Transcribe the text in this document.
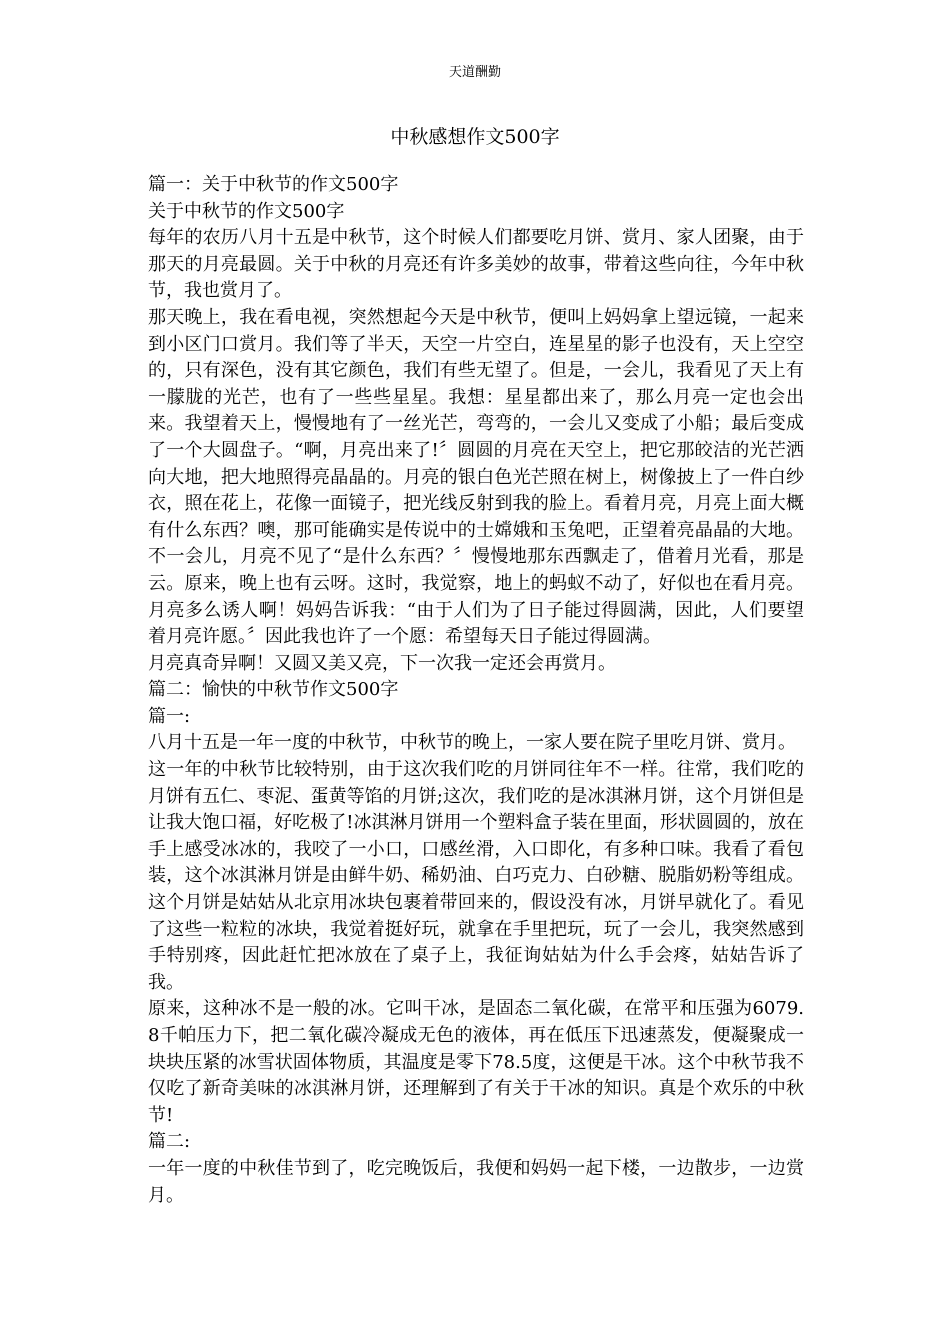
天道酬勤
中秋感想作文500字

篇一：关于中秋节的作文500字

关于中秋节的作文500字

每年的农历八月十五是中秋节，这个时候人们都要吃月饼、赏月、家人团聚，由于那天的月亮最圆。关于中秋的月亮还有许多美妙的故事，带着这些向往，今年中秋节，我也赏月了。

那天晚上，我在看电视，突然想起今天是中秋节，便叫上妈妈拿上望远镜，一起来到小区门口赏月。我们等了半天，天空一片空白，连星星的影子也没有，天上空空的，只有深色，没有其它颜色，我们有些无望了。但是，一会儿，我看见了天上有一朦胧的光芒，也有了一些些星星。我想：星星都出来了，那么月亮一定也会出来。我望着天上，慢慢地有了一丝光芒，弯弯的，一会儿又变成了小船；最后变成了一个大圆盘子。“啊，月亮出来了!〞圆圆的月亮在天空上，把它那皎洁的光芒洒向大地，把大地照得亮晶晶的。月亮的银白色光芒照在树上，树像披上了一件白纱衣，照在花上，花像一面镜子，把光线反射到我的脸上。看着月亮，月亮上面大概有什么东西？噢，那可能确实是传说中的士嫦娥和玉兔吧，正望着亮晶晶的大地。不一会儿，月亮不见了“是什么东西？〞慢慢地那东西飘走了，借着月光看，那是云。原来，晚上也有云呀。这时，我觉察，地上的蚂蚁不动了，好似也在看月亮。月亮多么诱人啊！妈妈告诉我：“由于人们为了日子能过得圆满，因此，人们要望着月亮许愿。〞因此我也许了一个愿：希望每天日子能过得圆满。

月亮真奇异啊！又圆又美又亮，下一次我一定还会再赏月。

篇二：愉快的中秋节作文500字

篇一:

八月十五是一年一度的中秋节，中秋节的晚上，一家人要在院子里吃月饼、赏月。

这一年的中秋节比较特别，由于这次我们吃的月饼同往年不一样。往常，我们吃的月饼有五仁、枣泥、蛋黄等馅的月饼;这次，我们吃的是冰淇淋月饼，这个月饼但是让我大饱口福，好吃极了!冰淇淋月饼用一个塑料盒子装在里面，形状圆圆的，放在手上感受冰冰的，我咬了一小口，口感丝滑，入口即化，有多种口味。我看了看包装，这个冰淇淋月饼是由鲜牛奶、稀奶油、白巧克力、白砂糖、脱脂奶粉等组成。这个月饼是姑姑从北京用冰块包裹着带回来的，假设没有冰，月饼早就化了。看见了这些一粒粒的冰块，我觉着挺好玩，就拿在手里把玩，玩了一会儿，我突然感到手特别疼，因此赶忙把冰放在了桌子上，我征询姑姑为什么手会疼，姑姑告诉了我。

原来，这种冰不是一般的冰。它叫干冰，是固态二氧化碳，在常平和压强为6079.8千帕压力下，把二氧化碳冷凝成无色的液体，再在低压下迅速蒸发，便凝聚成一块块压紧的冰雪状固体物质，其温度是零下78.5度，这便是干冰。这个中秋节我不仅吃了新奇美味的冰淇淋月饼，还理解到了有关于干冰的知识。真是个欢乐的中秋节!

篇二:

一年一度的中秋佳节到了，吃完晚饭后，我便和妈妈一起下楼，一边散步，一边赏月。
